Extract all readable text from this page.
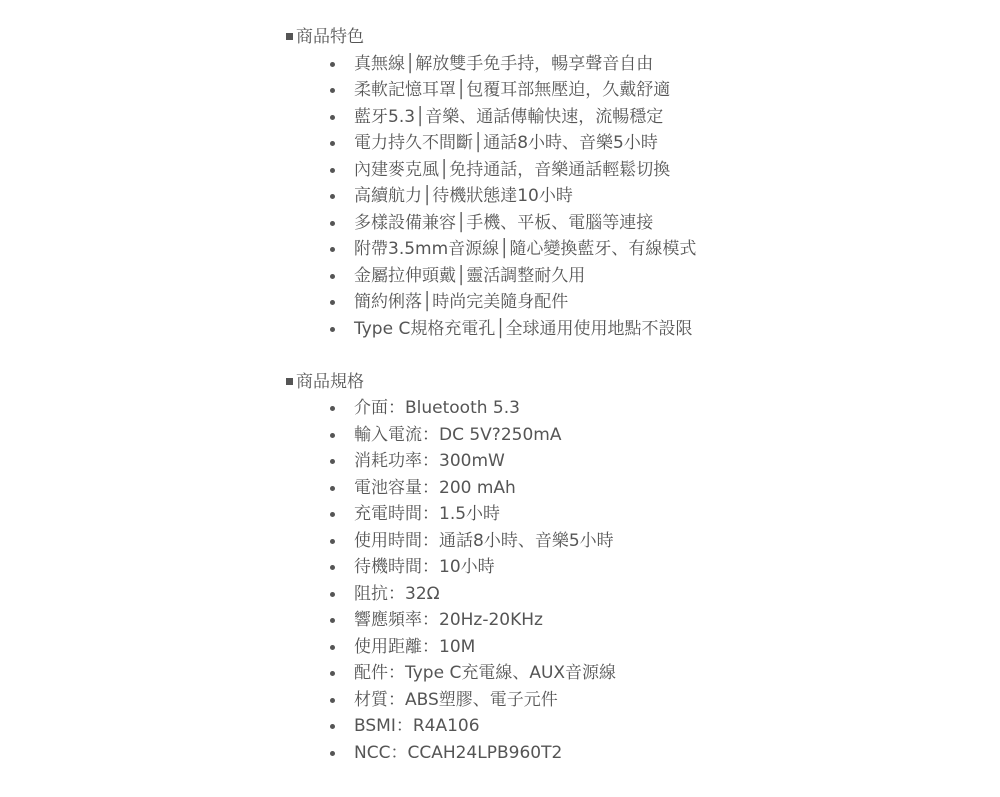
商品特色
真無線│解放雙手免手持，暢享聲音自由
柔軟記憶耳罩│包覆耳部無壓迫，久戴舒適
藍牙5.3│音樂、通話傳輸快速，流暢穩定
電力持久不間斷│通話8小時、音樂5小時
內建麥克風│免持通話，音樂通話輕鬆切換
高續航力│待機狀態達10小時
多樣設備兼容│手機、平板、電腦等連接
附帶3.5mm音源線│隨心變換藍牙、有線模式
金屬拉伸頭戴│靈活調整耐久用
簡約俐落│時尚完美隨身配件
Type C規格充電孔│全球通用使用地點不設限
商品規格
介面：Bluetooth 5.3
輸入電流：DC 5V?250mA
消耗功率：300mW
電池容量：200 mAh
充電時間：1.5小時
使用時間：通話8小時、音樂5小時
待機時間：10小時
阻抗：32Ω
響應頻率：20Hz-20KHz
使用距離：10M
配件：Type C充電線、AUX音源線
材質：ABS塑膠、電子元件
BSMI：R4A106
NCC：CCAH24LPB960T2
